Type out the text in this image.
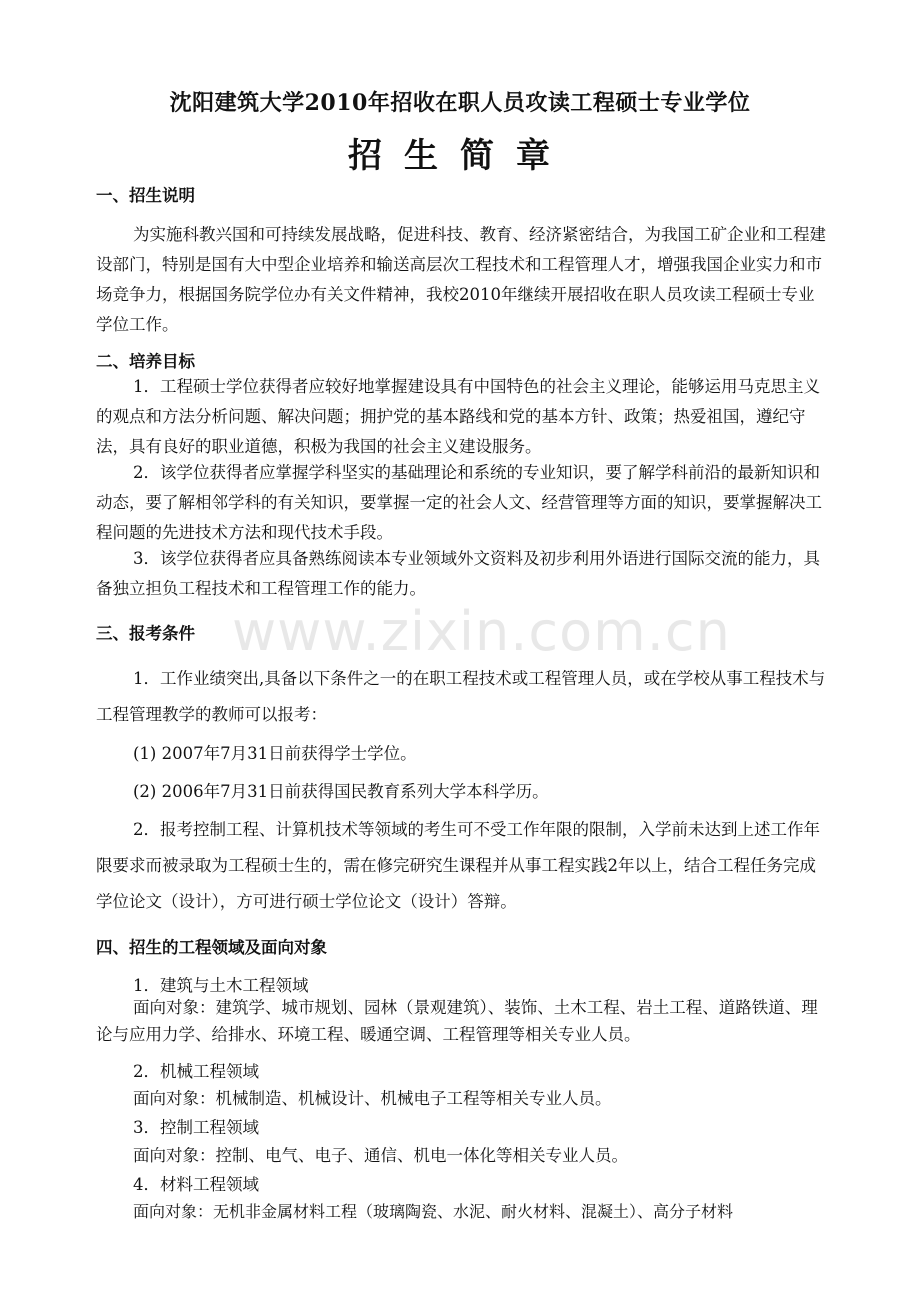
沈阳建筑大学2010年招收在职人员攻读工程硕士专业学位
招生简章
一、招生说明
为实施科教兴国和可持续发展战略，促进科技、教育、经济紧密结合，为我国工矿企业和工程建设部门，特别是国有大中型企业培养和输送高层次工程技术和工程管理人才，增强我国企业实力和市场竞争力，根据国务院学位办有关文件精神，我校2010年继续开展招收在职人员攻读工程硕士专业学位工作。
二、培养目标
1．工程硕士学位获得者应较好地掌握建设具有中国特色的社会主义理论，能够运用马克思主义的观点和方法分析问题、解决问题；拥护党的基本路线和党的基本方针、政策；热爱祖国，遵纪守法，具有良好的职业道德，积极为我国的社会主义建设服务。
2．该学位获得者应掌握学科坚实的基础理论和系统的专业知识，要了解学科前沿的最新知识和动态，要了解相邻学科的有关知识，要掌握一定的社会人文、经营管理等方面的知识，要掌握解决工程问题的先进技术方法和现代技术手段。
3．该学位获得者应具备熟练阅读本专业领域外文资料及初步利用外语进行国际交流的能力，具备独立担负工程技术和工程管理工作的能力。
三、报考条件
1．工作业绩突出,具备以下条件之一的在职工程技术或工程管理人员，或在学校从事工程技术与工程管理教学的教师可以报考：
(1) 2007年7月31日前获得学士学位。
(2) 2006年7月31日前获得国民教育系列大学本科学历。
2．报考控制工程、计算机技术等领域的考生可不受工作年限的限制，入学前未达到上述工作年限要求而被录取为工程硕士生的，需在修完研究生课程并从事工程实践2年以上，结合工程任务完成学位论文（设计），方可进行硕士学位论文（设计）答辩。
四、招生的工程领域及面向对象
1．建筑与土木工程领域
面向对象：建筑学、城市规划、园林（景观建筑）、装饰、土木工程、岩土工程、道路铁道、理论与应用力学、给排水、环境工程、暖通空调、工程管理等相关专业人员。
2．机械工程领域
面向对象：机械制造、机械设计、机械电子工程等相关专业人员。
3．控制工程领域
面向对象：控制、电气、电子、通信、机电一体化等相关专业人员。
4．材料工程领域
面向对象：无机非金属材料工程（玻璃陶瓷、水泥、耐火材料、混凝土）、高分子材料
www.zixin.com.cn
